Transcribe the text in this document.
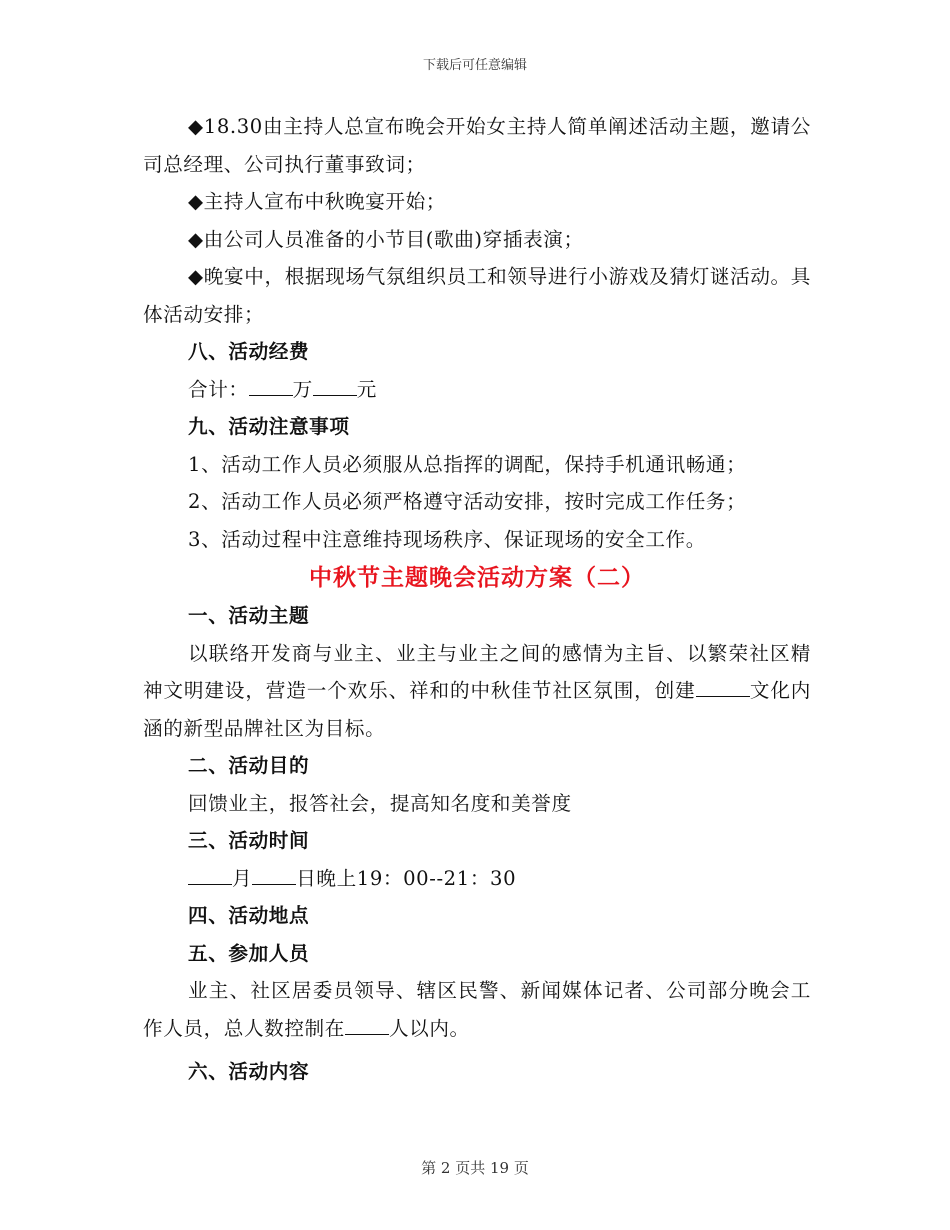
下载后可任意编辑

◆18.30由主持人总宣布晚会开始女主持人简单阐述活动主题，邀请公司总经理、公司执行董事致词；

◆主持人宣布中秋晚宴开始；

◆由公司人员准备的小节目(歌曲)穿插表演；

◆晚宴中，根据现场气氛组织员工和领导进行小游戏及猜灯谜活动。具体活动安排；

八、活动经费

合计： 万 元

九、活动注意事项

1、活动工作人员必须服从总指挥的调配，保持手机通讯畅通；

2、活动工作人员必须严格遵守活动安排，按时完成工作任务；

3、活动过程中注意维持现场秩序、保证现场的安全工作。

中秋节主题晚会活动方案（二）

一、活动主题

以联络开发商与业主、业主与业主之间的感情为主旨、以繁荣社区精神文明建设，营造一个欢乐、祥和的中秋佳节社区氛围，创建	文化内涵的新型品牌社区为目标。

二、活动目的

回馈业主，报答社会，提高知名度和美誉度

三、活动时间

月 日晚上19：00--21：30

四、活动地点

五、参加人员

业主、社区居委员领导、辖区民警、新闻媒体记者、公司部分晚会工作人员，总人数控制在 人以内。

六、活动内容

第 2 页共 19 页
